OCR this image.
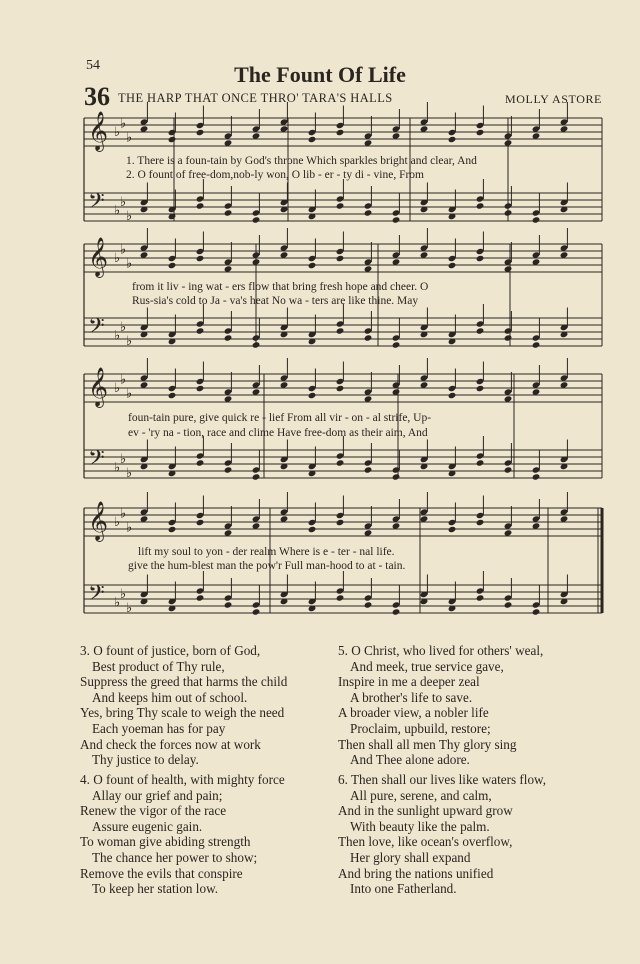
54	The Fount Of Life
36 THE HARP THAT ONCE THRO' TARA'S HALLS	MOLLY ASTORE
𝄞 ♭
♭
♭
𝄢 ♭
♭
♭
𝄞 ♭
♭
♭
𝄢 ♭
♭
♭
𝄞 ♭
♭
♭
𝄢 ♭
♭
♭
𝄞 ♭
♭
♭
𝄢 ♭
♭
♭
1. There is a foun-tain by God's throne Which sparkles bright and clear, And
2. O fount of free-dom,nob-ly won, O lib - er - ty di - vine, From
from it liv - ing wat - ers flow that bring fresh hope and cheer. O
Rus-sia's cold to Ja - va's heat No wa - ters are like thine. May
foun-tain pure, give quick re - lief From all vir - on - al strife, Up-
ev - 'ry na - tion, race and clime Have free-dom as their aim, And
lift my soul to yon - der realm Where is e - ter - nal life.
give the hum-blest man the pow'r Full man-hood to at - tain.
3. O fount of justice, born of God,
Best product of Thy rule,
Suppress the greed that harms the child
And keeps him out of school.
Yes, bring Thy scale to weigh the need
Each yoeman has for pay
And check the forces now at work
Thy justice to delay.
4. O fount of health, with mighty force
Allay our grief and pain;
Renew the vigor of the race
Assure eugenic gain.
To woman give abiding strength
The chance her power to show;
Remove the evils that conspire
To keep her station low.
5. O Christ, who lived for others' weal,
And meek, true service gave,
Inspire in me a deeper zeal
A brother's life to save.
A broader view, a nobler life
Proclaim, upbuild, restore;
Then shall all men Thy glory sing
And Thee alone adore.
6. Then shall our lives like waters flow,
All pure, serene, and calm,
And in the sunlight upward grow
With beauty like the palm.
Then love, like ocean's overflow,
Her glory shall expand
And bring the nations unified
Into one Fatherland.
